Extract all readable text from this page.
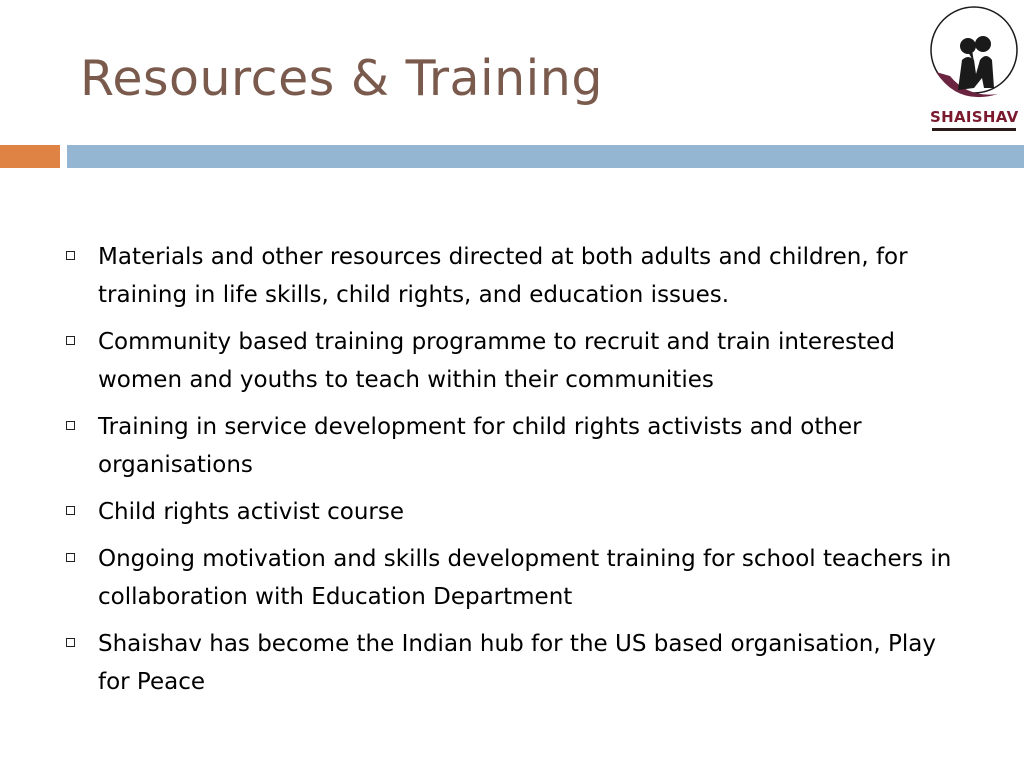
Resources & Training
SHAISHAV
Materials and other resources directed at both adults and children, for training in life skills, child rights, and education issues.
Community based training programme to recruit and train interested women and youths to teach within their communities
Training in service development for child rights activists and other organisations
Child rights activist course
Ongoing motivation and skills development training for school teachers in collaboration with Education Department
Shaishav has become the Indian hub for the US based organisation, Play for Peace
